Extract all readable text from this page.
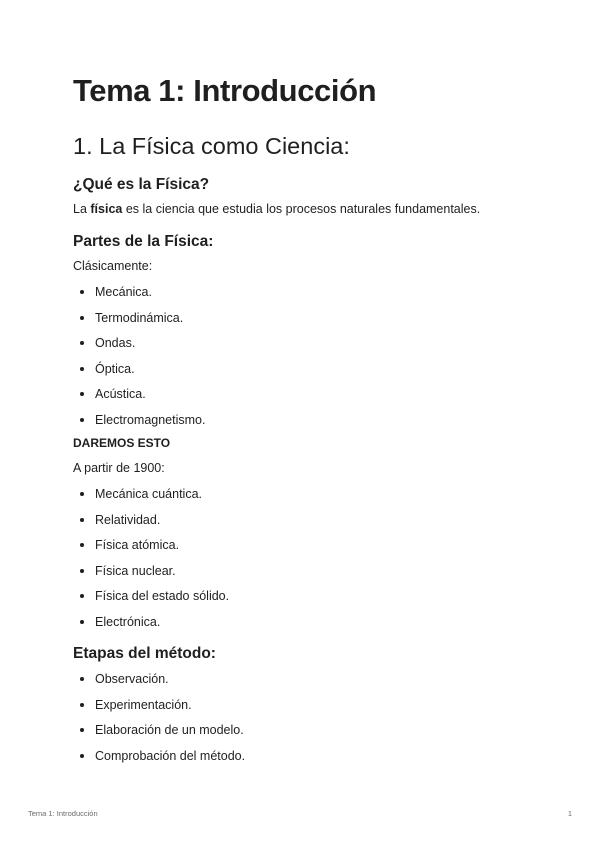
Tema 1: Introducción
1. La Física como Ciencia:
¿Qué es la Física?

La física es la ciencia que estudia los procesos naturales fundamentales.

Partes de la Física:

Clásicamente:

Mecánica.
Termodinámica.
Ondas.
Óptica.
Acústica.
Electromagnetismo.

DAREMOS ESTO

A partir de 1900:

Mecánica cuántica.
Relatividad.
Física atómica.
Física nuclear.
Física del estado sólido.
Electrónica.
Etapas del método:
Observación.
Experimentación.
Elaboración de un modelo.
Comprobación del método.
Tema 1: Introducción	1
